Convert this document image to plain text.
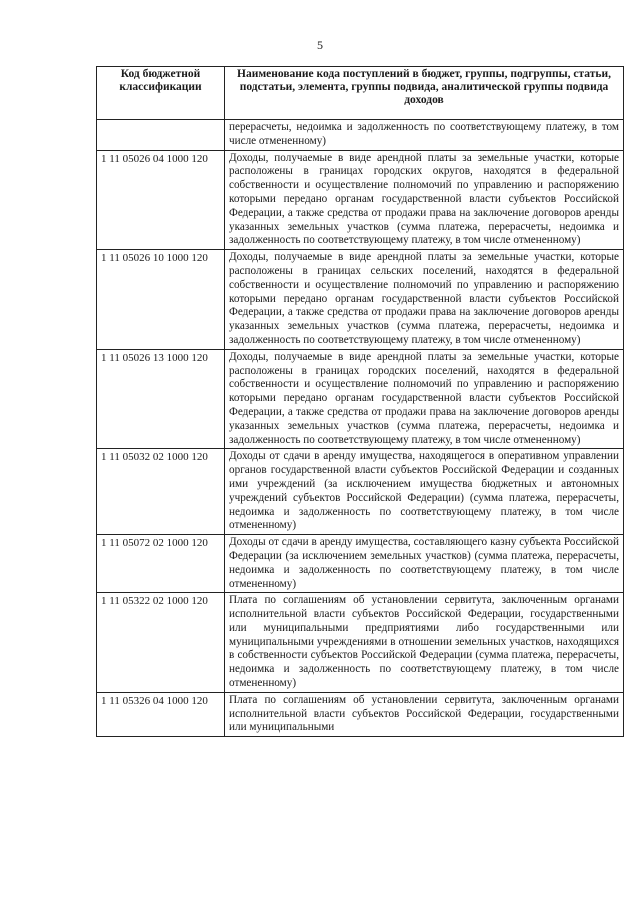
5
Код бюджетной классификации	Наименование кода поступлений в бюджет, группы, подгруппы, статьи, подстатьи, элемента, группы подвида, аналитической группы подвида доходов
	перерасчеты, недоимка и задолженность по соответствующему платежу, в том числе отмененному)
1 11 05026 04 1000 120	Доходы, получаемые в виде арендной платы за земельные участки, которые расположены в границах городских округов, находятся в федеральной собственности и осуществление полномочий по управлению и распоряжению которыми передано органам государственной власти субъектов Российской Федерации, а также средства от продажи права на заключение договоров аренды указанных земельных участков (сумма платежа, перерасчеты, недоимка и задолженность по соответствующему платежу, в том числе отмененному)
1 11 05026 10 1000 120	Доходы, получаемые в виде арендной платы за земельные участки, которые расположены в границах сельских поселений, находятся в федеральной собственности и осуществление полномочий по управлению и распоряжению которыми передано органам государственной власти субъектов Российской Федерации, а также средства от продажи права на заключение договоров аренды указанных земельных участков (сумма платежа, перерасчеты, недоимка и задолженность по соответствующему платежу, в том числе отмененному)
1 11 05026 13 1000 120	Доходы, получаемые в виде арендной платы за земельные участки, которые расположены в границах городских поселений, находятся в федеральной собственности и осуществление полномочий по управлению и распоряжению которыми передано органам государственной власти субъектов Российской Федерации, а также средства от продажи права на заключение договоров аренды указанных земельных участков (сумма платежа, перерасчеты, недоимка и задолженность по соответствующему платежу, в том числе отмененному)
1 11 05032 02 1000 120	Доходы от сдачи в аренду имущества, находящегося в оперативном управлении органов государственной власти субъектов Российской Федерации и созданных ими учреждений (за исключением имущества бюджетных и автономных учреждений субъектов Российской Федерации) (сумма платежа, перерасчеты, недоимка и задолженность по соответствующему платежу, в том числе отмененному)
1 11 05072 02 1000 120	Доходы от сдачи в аренду имущества, составляющего казну субъекта Российской Федерации (за исключением земельных участков) (сумма платежа, перерасчеты, недоимка и задолженность по соответствующему платежу, в том числе отмененному)
1 11 05322 02 1000 120	Плата по соглашениям об установлении сервитута, заключенным органами исполнительной власти субъектов Российской Федерации, государственными или муниципальными предприятиями либо государственными или муниципальными учреждениями в отношении земельных участков, находящихся в собственности субъектов Российской Федерации (сумма платежа, перерасчеты, недоимка и задолженность по соответствующему платежу, в том числе отмененному)
1 11 05326 04 1000 120	Плата по соглашениям об установлении сервитута, заключенным органами исполнительной власти субъектов Российской Федерации, государственными или муниципальными
